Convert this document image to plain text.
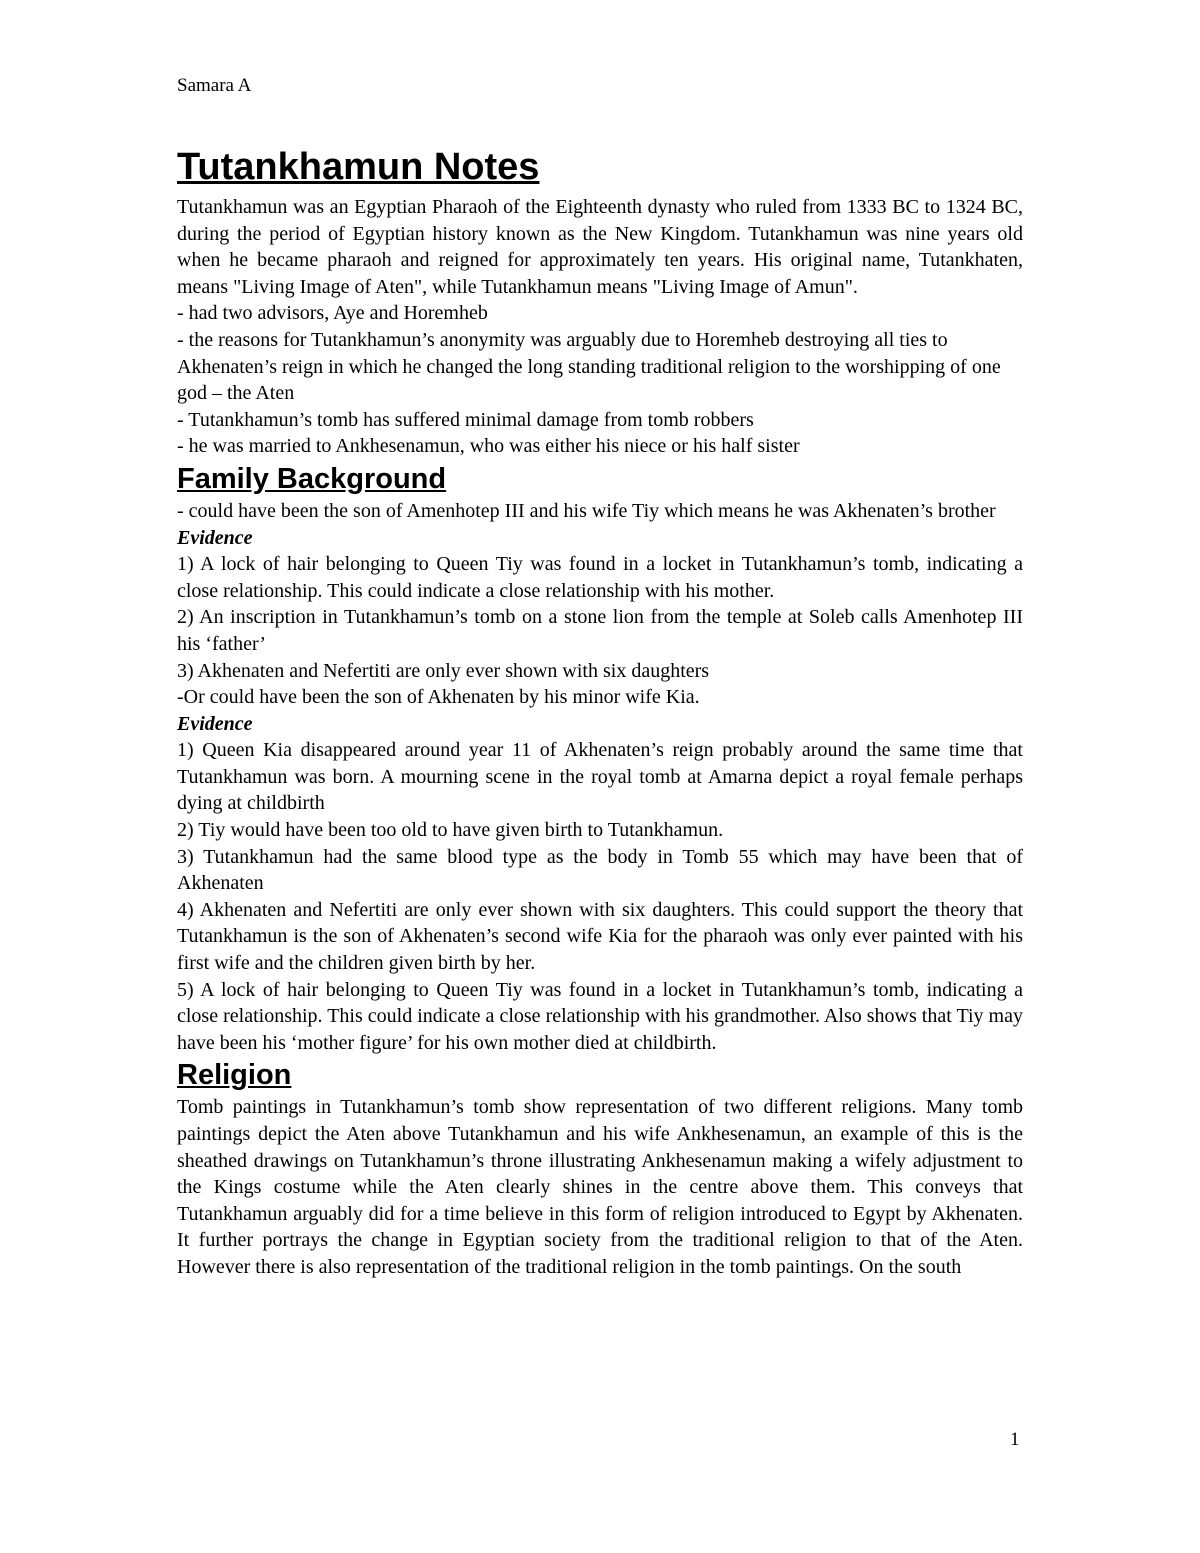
Samara A
Tutankhamun Notes

Tutankhamun was an Egyptian Pharaoh of the Eighteenth dynasty who ruled from 1333 BC to 1324 BC, during the period of Egyptian history known as the New Kingdom. Tutankhamun was nine years old when he became pharaoh and reigned for approximately ten years. His original name, Tutankhaten, means "Living Image of Aten", while Tutankhamun means "Living Image of Amun".

- had two advisors, Aye and Horemheb

- the reasons for Tutankhamun’s anonymity was arguably due to Horemheb destroying all ties to Akhenaten’s reign in which he changed the long standing traditional religion to the worshipping of one god – the Aten

- Tutankhamun’s tomb has suffered minimal damage from tomb robbers

- he was married to Ankhesenamun, who was either his niece or his half sister

Family Background

- could have been the son of Amenhotep III and his wife Tiy which means he was Akhenaten’s brother

Evidence

1) A lock of hair belonging to Queen Tiy was found in a locket in Tutankhamun’s tomb, indicating a close relationship. This could indicate a close relationship with his mother.

2) An inscription in Tutankhamun’s tomb on a stone lion from the temple at Soleb calls Amenhotep III his ‘father’

3) Akhenaten and Nefertiti are only ever shown with six daughters

-Or could have been the son of Akhenaten by his minor wife Kia.

Evidence

1) Queen Kia disappeared around year 11 of Akhenaten’s reign probably around the same time that Tutankhamun was born. A mourning scene in the royal tomb at Amarna depict a royal female perhaps dying at childbirth

2) Tiy would have been too old to have given birth to Tutankhamun.

3) Tutankhamun had the same blood type as the body in Tomb 55 which may have been that of Akhenaten

4) Akhenaten and Nefertiti are only ever shown with six daughters. This could support the theory that Tutankhamun is the son of Akhenaten’s second wife Kia for the pharaoh was only ever painted with his first wife and the children given birth by her.

5) A lock of hair belonging to Queen Tiy was found in a locket in Tutankhamun’s tomb, indicating a close relationship. This could indicate a close relationship with his grandmother. Also shows that Tiy may have been his ‘mother figure’ for his own mother died at childbirth.

Religion

Tomb paintings in Tutankhamun’s tomb show representation of two different religions. Many tomb paintings depict the Aten above Tutankhamun and his wife Ankhesenamun, an example of this is the sheathed drawings on Tutankhamun’s throne illustrating Ankhesenamun making a wifely adjustment to the Kings costume while the Aten clearly shines in the centre above them. This conveys that Tutankhamun arguably did for a time believe in this form of religion introduced to Egypt by Akhenaten. It further portrays the change in Egyptian society from the traditional religion to that of the Aten. However there is also representation of the traditional religion in the tomb paintings. On the south

1
